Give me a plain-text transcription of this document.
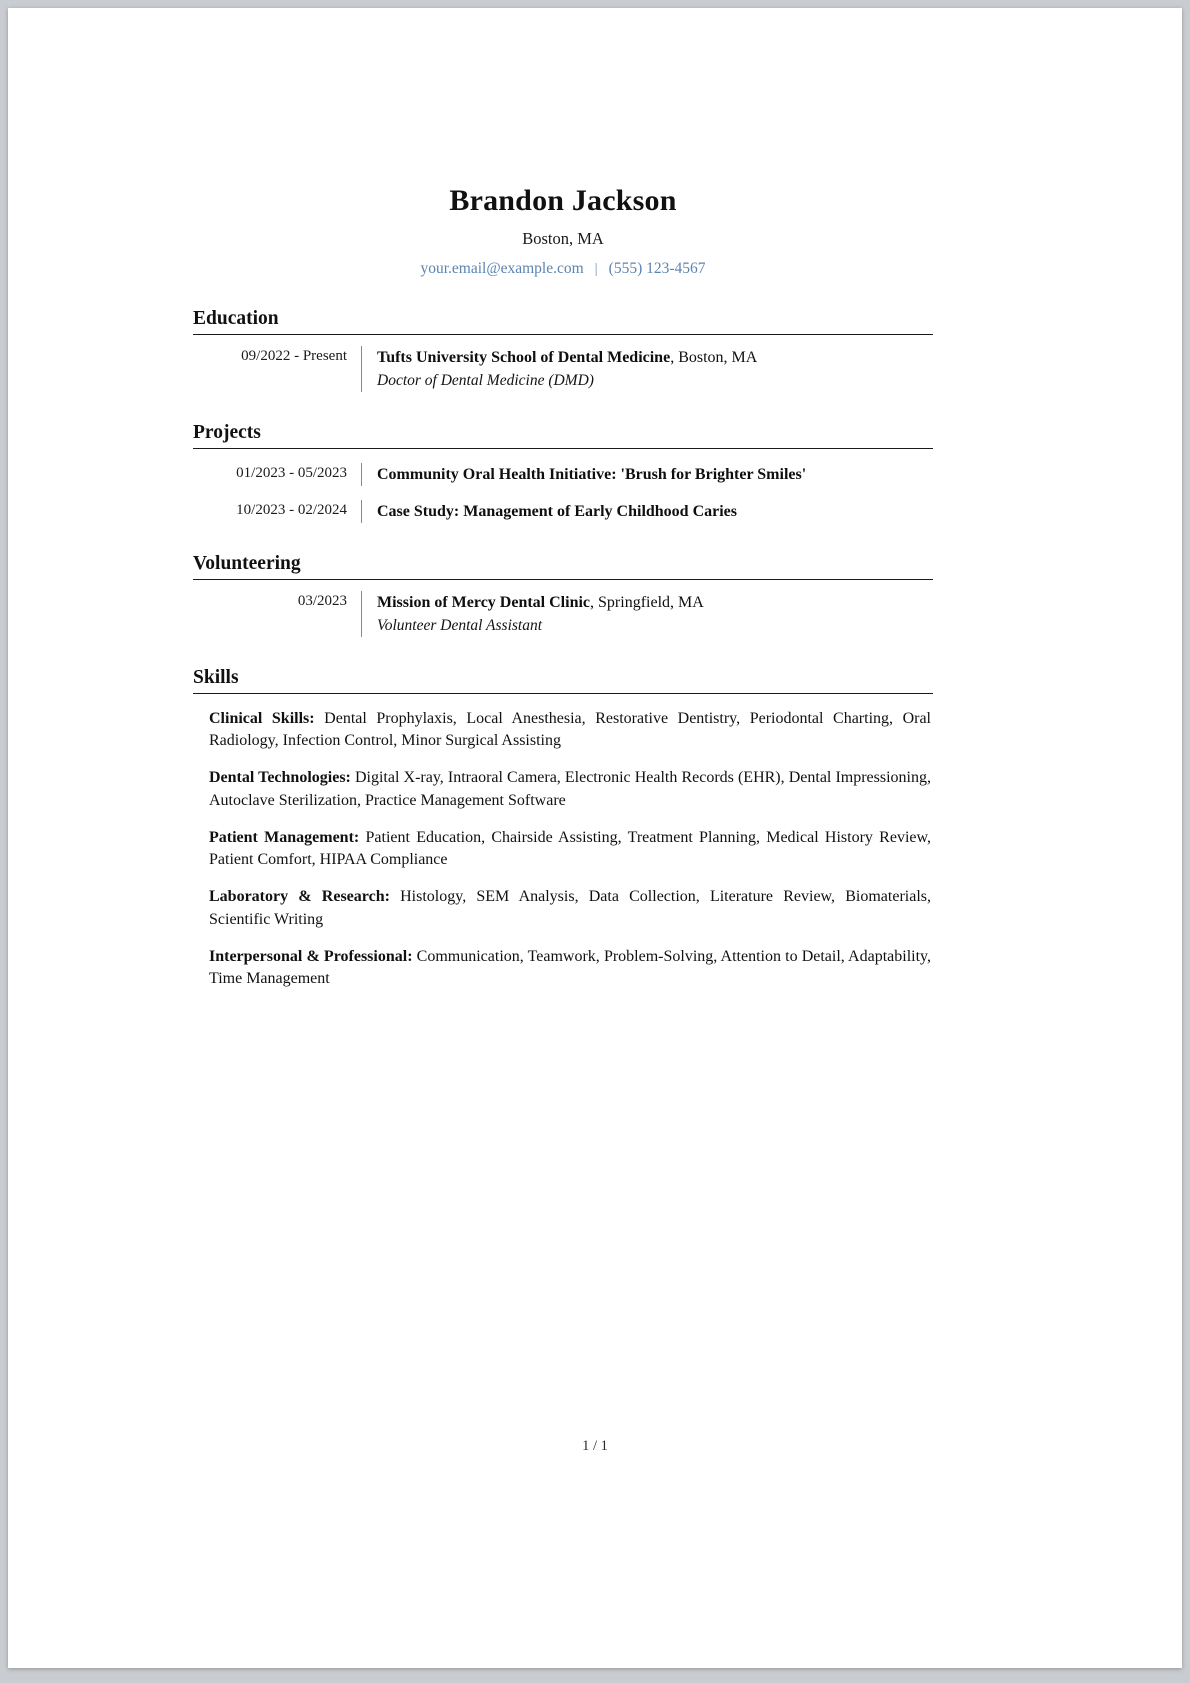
Brandon Jackson
Boston, MA
your.email@example.com | (555) 123-4567
Education
09/2022 - Present	Tufts University School of Dental Medicine, Boston, MA
Doctor of Dental Medicine (DMD)
Projects
01/2023 - 05/2023	Community Oral Health Initiative: 'Brush for Brighter Smiles'
10/2023 - 02/2024	Case Study: Management of Early Childhood Caries
Volunteering
03/2023	Mission of Mercy Dental Clinic, Springfield, MA
Volunteer Dental Assistant
Skills
Clinical Skills: Dental Prophylaxis, Local Anesthesia, Restorative Dentistry, Periodontal Charting, Oral Radiology, Infection Control, Minor Surgical Assisting
Dental Technologies: Digital X-ray, Intraoral Camera, Electronic Health Records (EHR), Dental Impressioning, Autoclave Sterilization, Practice Management Software
Patient Management: Patient Education, Chairside Assisting, Treatment Planning, Medical History Review, Patient Comfort, HIPAA Compliance
Laboratory & Research: Histology, SEM Analysis, Data Collection, Literature Review, Biomaterials, Scientific Writing
Interpersonal & Professional: Communication, Teamwork, Problem-Solving, Attention to Detail, Adaptability, Time Management
1 / 1
